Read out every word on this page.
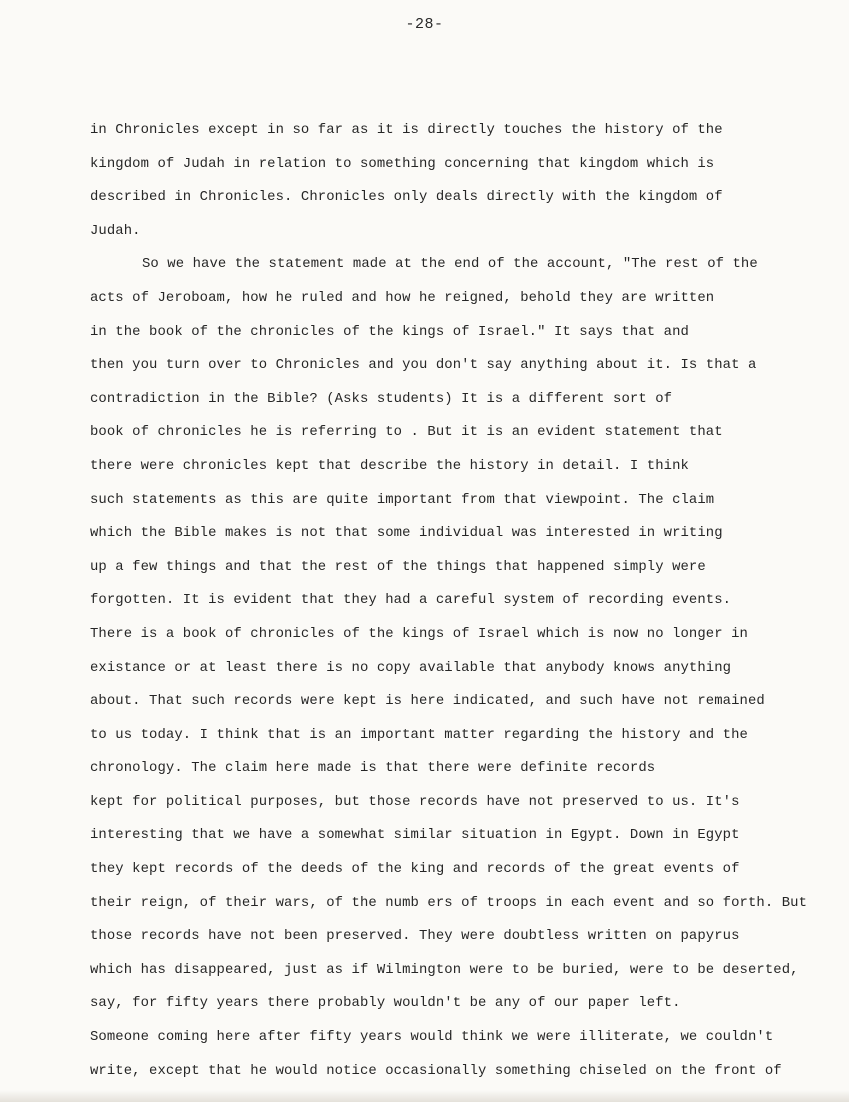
-28-
in Chronicles except in so far as it is directly touches the history of the
kingdom of Judah in relation to something concerning that kingdom which is
described in Chronicles. Chronicles only deals directly with the kingdom of
Judah.
So we have the statement made at the end of the account, "The rest of the
acts of Jeroboam, how he ruled and how he reigned, behold they are written
in the book of the chronicles of the kings of Israel." It says that and
then you turn over to Chronicles and you don't say anything about it. Is that a
contradiction in the Bible? (Asks students) It is a different sort of
book of chronicles he is referring to . But it is an evident statement that
there were chronicles kept that describe the history in detail. I think
such statements as this are quite important from that viewpoint. The claim
which the Bible makes is not that some individual was interested in writing
up a few things and that the rest of the things that happened simply were
forgotten. It is evident that they had a careful system of recording events.
There is a book of chronicles of the kings of Israel which is now no longer in
existance or at least there is no copy available that anybody knows anything
about. That such records were kept is here indicated, and such have not remained
to us today. I think that is an important matter regarding the history and the
chronology. The claim here made is that there were definite records
kept for political purposes, but those records have not preserved to us. It's
interesting that we have a somewhat similar situation in Egypt. Down in Egypt
they kept records of the deeds of the king and records of the great events of
their reign, of their wars, of the numb ers of troops in each event and so forth. But
those records have not been preserved. They were doubtless written on papyrus
which has disappeared, just as if Wilmington were to be buried, were to be deserted,
say, for fifty years there probably wouldn't be any of our paper left.
Someone coming here after fifty years would think we were illiterate, we couldn't
write, except that he would notice occasionally something chiseled on the front of
